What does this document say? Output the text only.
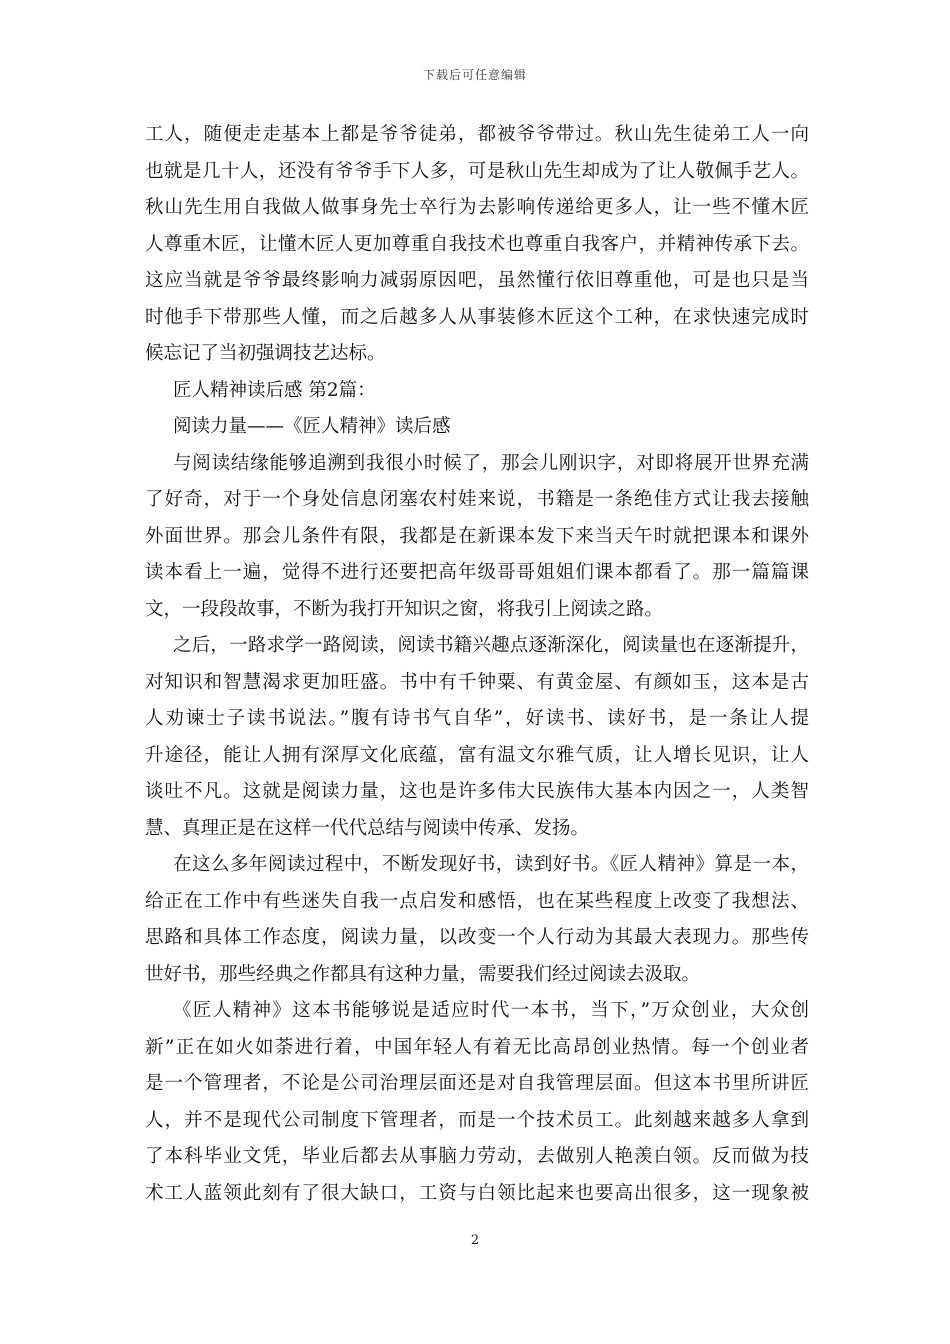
下载后可任意编辑
工人，随便走走基本上都是爷爷徒弟，都被爷爷带过。秋山先生徒弟工人一向
也就是几十人，还没有爷爷手下人多，可是秋山先生却成为了让人敬佩手艺人。
秋山先生用自我做人做事身先士卒行为去影响传递给更多人，让一些不懂木匠
人尊重木匠，让懂木匠人更加尊重自我技术也尊重自我客户，并精神传承下去。
这应当就是爷爷最终影响力减弱原因吧，虽然懂行依旧尊重他，可是也只是当
时他手下带那些人懂，而之后越多人从事装修木匠这个工种，在求快速完成时
候忘记了当初强调技艺达标。
匠人精神读后感 第2篇：
阅读力量——《匠人精神》读后感
与阅读结缘能够追溯到我很小时候了，那会儿刚识字，对即将展开世界充满
了好奇，对于一个身处信息闭塞农村娃来说，书籍是一条绝佳方式让我去接触
外面世界。那会儿条件有限，我都是在新课本发下来当天午时就把课本和课外
读本看上一遍，觉得不进行还要把高年级哥哥姐姐们课本都看了。那一篇篇课
文，一段段故事，不断为我打开知识之窗，将我引上阅读之路。
之后，一路求学一路阅读，阅读书籍兴趣点逐渐深化，阅读量也在逐渐提升，
对知识和智慧渴求更加旺盛。书中有千钟粟、有黄金屋、有颜如玉，这本是古
人劝谏士子读书说法。”腹有诗书气自华”，好读书、读好书，是一条让人提
升途径，能让人拥有深厚文化底蕴，富有温文尔雅气质，让人增长见识，让人
谈吐不凡。这就是阅读力量，这也是许多伟大民族伟大基本内因之一，人类智
慧、真理正是在这样一代代总结与阅读中传承、发扬。
在这么多年阅读过程中，不断发现好书，读到好书。《匠人精神》算是一本，
给正在工作中有些迷失自我一点启发和感悟，也在某些程度上改变了我想法、
思路和具体工作态度，阅读力量，以改变一个人行动为其最大表现力。那些传
世好书，那些经典之作都具有这种力量，需要我们经过阅读去汲取。
《匠人精神》这本书能够说是适应时代一本书，当下，”万众创业，大众创
新”正在如火如荼进行着，中国年轻人有着无比高昂创业热情。每一个创业者
是一个管理者，不论是公司治理层面还是对自我管理层面。但这本书里所讲匠
人，并不是现代公司制度下管理者，而是一个技术员工。此刻越来越多人拿到
了本科毕业文凭，毕业后都去从事脑力劳动，去做别人艳羡白领。反而做为技
术工人蓝领此刻有了很大缺口，工资与白领比起来也要高出很多，这一现象被
2
